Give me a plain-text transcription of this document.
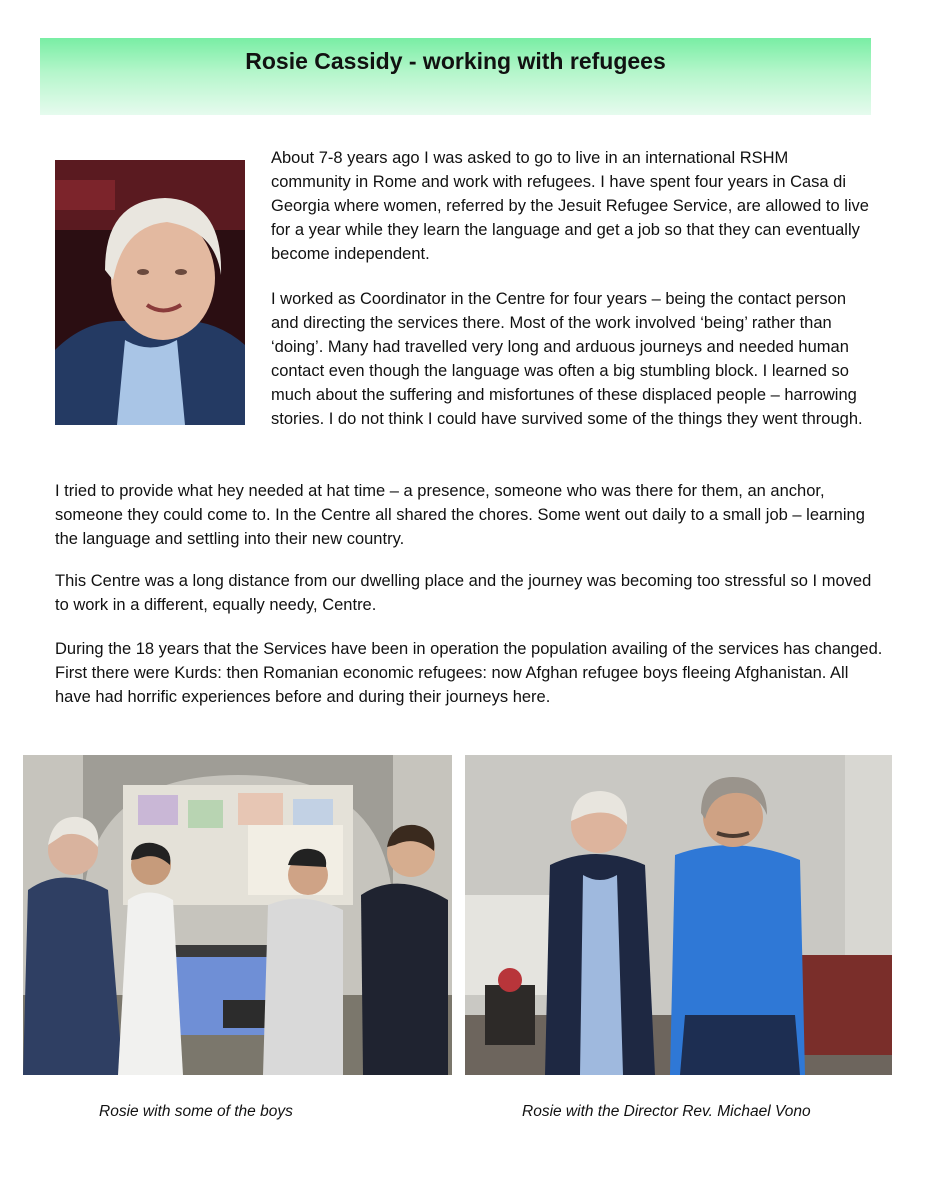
Rosie Cassidy - working with refugees

About 7-8 years ago I was asked to go to live in an international RSHM community in Rome and work with refugees. I have spent four years in Casa di Georgia where women, referred by the Jesuit Refugee Service, are allowed to live for a year while they learn the language and get a job so that they can eventually become independent.

I worked as Coordinator in the Centre for four years – being the contact person and directing the services there. Most of the work involved ‘being’ rather than ‘doing’. Many had travelled very long and arduous journeys and needed human contact even though the language was often a big stumbling block. I learned so much about the suffering and misfortunes of these displaced people – harrowing stories. I do not think I could have survived some of the things they went through.

I tried to provide what hey needed at hat time – a presence, someone who was there for them, an anchor, someone they could come to. In the Centre all shared the chores. Some went out daily to a small job – learning the language and settling into their new country.

This Centre was a long distance from our dwelling place and the journey was becoming too stressful so I moved to work in a different, equally needy, Centre.

During the 18 years that the Services have been in operation the population availing of the services has changed. First there were Kurds: then Romanian economic refugees: now Afghan refugee boys fleeing Afghanistan. All have had horrific experiences before and during their journeys here.

Rosie with some of the boys	Rosie with the Director Rev. Michael Vono
